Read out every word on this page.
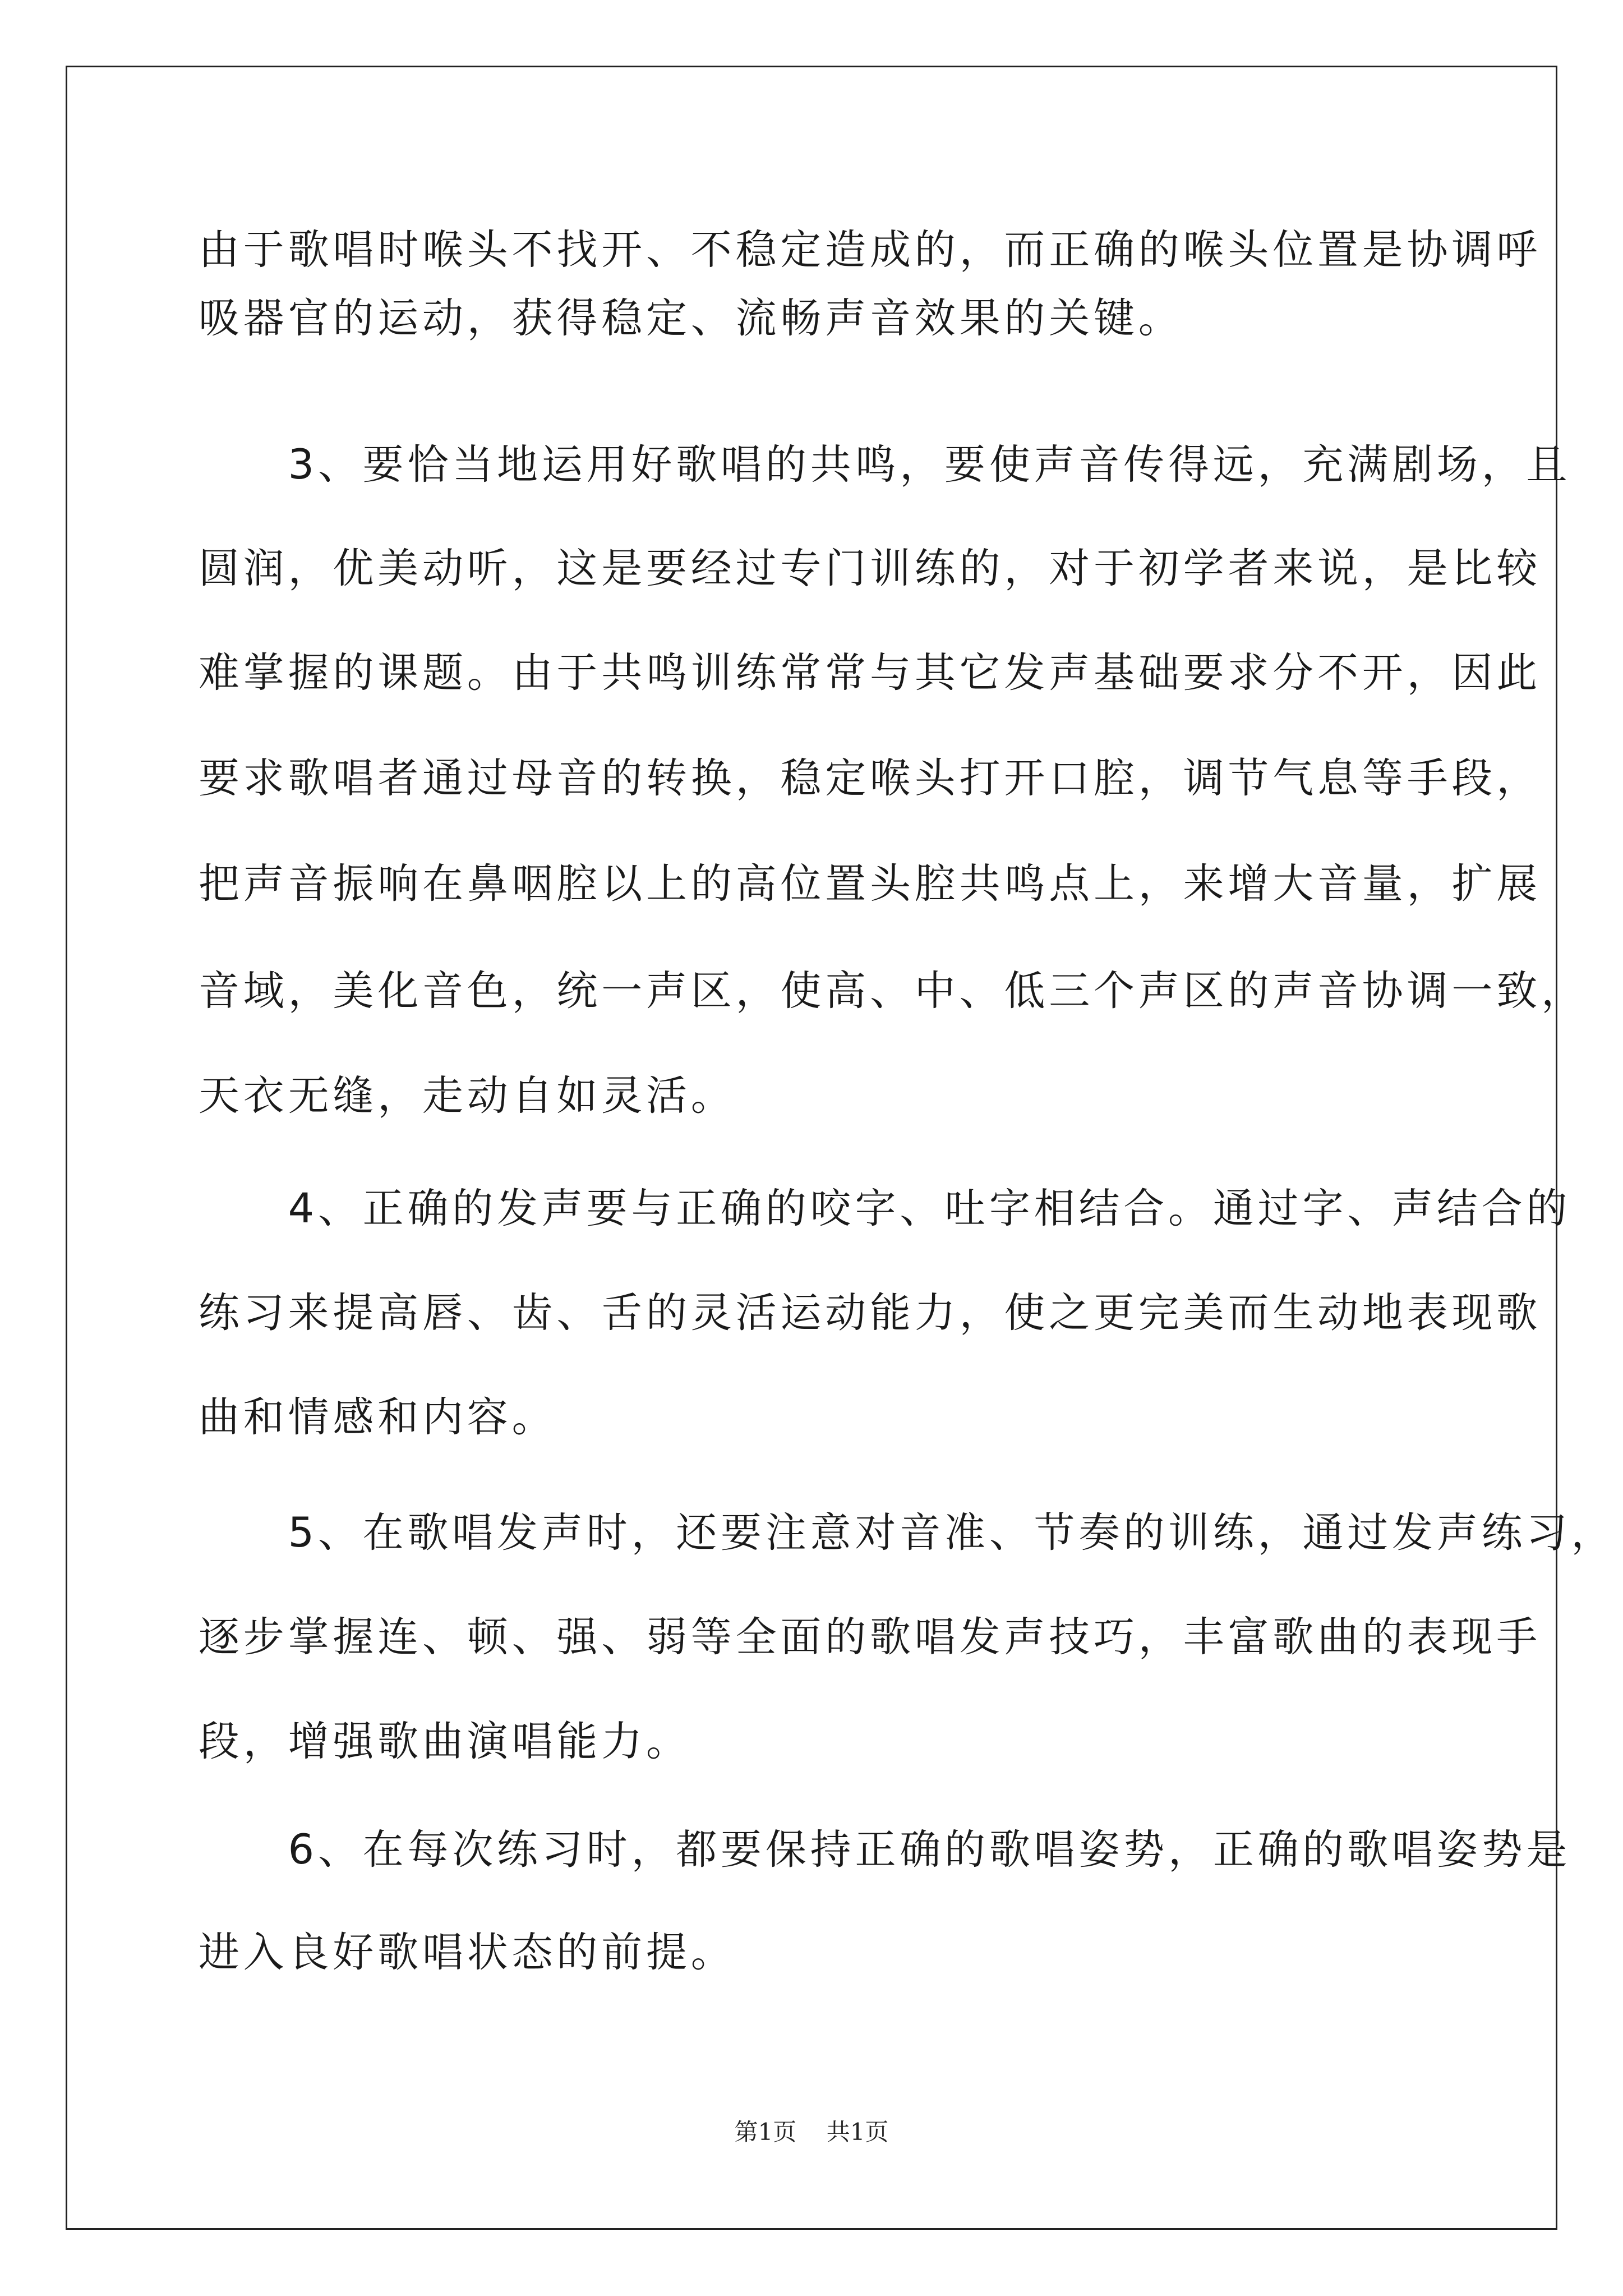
由于歌唱时喉头不找开、不稳定造成的，而正确的喉头位置是协调呼
吸器官的运动，获得稳定、流畅声音效果的关键。
　　3、要恰当地运用好歌唱的共鸣，要使声音传得远，充满剧场，且
圆润，优美动听，这是要经过专门训练的，对于初学者来说，是比较
难掌握的课题。由于共鸣训练常常与其它发声基础要求分不开，因此
要求歌唱者通过母音的转换，稳定喉头打开口腔，调节气息等手段，
把声音振响在鼻咽腔以上的高位置头腔共鸣点上，来增大音量，扩展
音域，美化音色，统一声区，使高、中、低三个声区的声音协调一致，
天衣无缝，走动自如灵活。
　　4、正确的发声要与正确的咬字、吐字相结合。通过字、声结合的
练习来提高唇、齿、舌的灵活运动能力，使之更完美而生动地表现歌
曲和情感和内容。
　　5、在歌唱发声时，还要注意对音准、节奏的训练，通过发声练习，
逐步掌握连、顿、强、弱等全面的歌唱发声技巧，丰富歌曲的表现手
段，增强歌曲演唱能力。
　　6、在每次练习时，都要保持正确的歌唱姿势，正确的歌唱姿势是
进入良好歌唱状态的前提。
第1页 共1页
